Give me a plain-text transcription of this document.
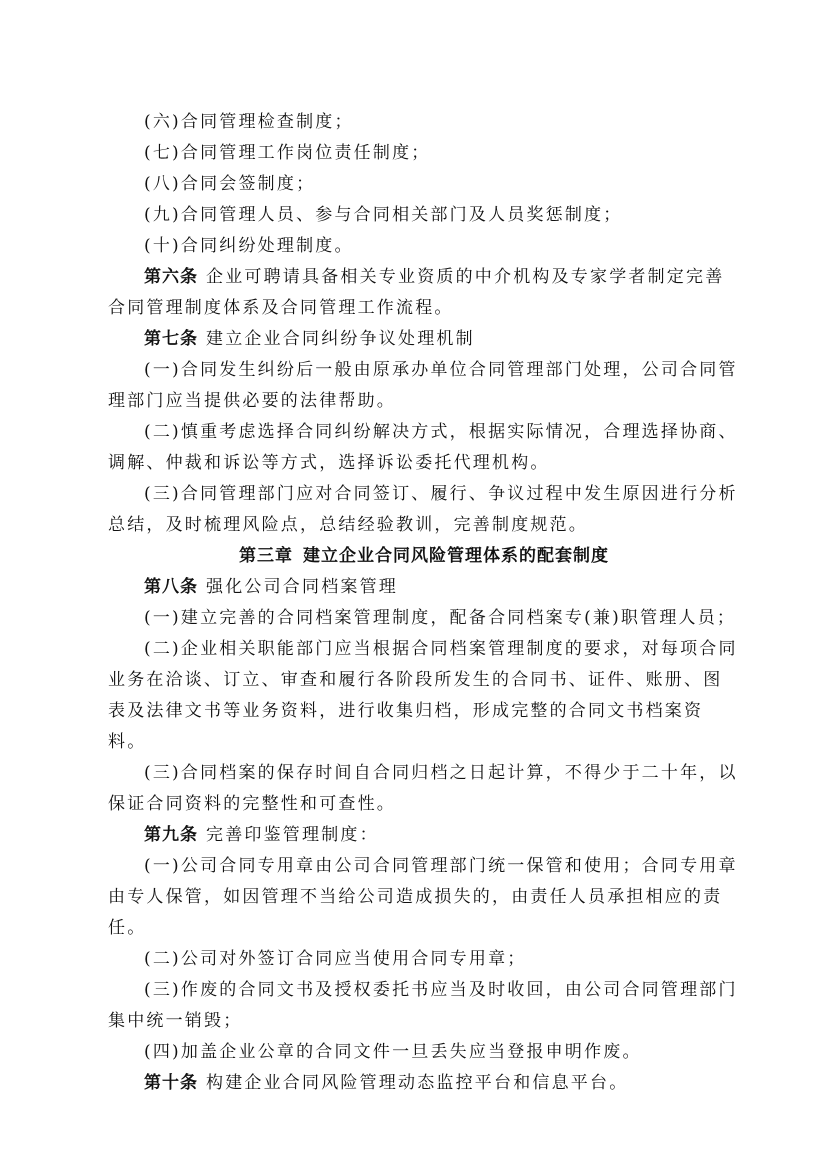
(六)合同管理检查制度；

(七)合同管理工作岗位责任制度；

(八)合同会签制度；

(九)合同管理人员、参与合同相关部门及人员奖惩制度；

(十)合同纠纷处理制度。

第六条 企业可聘请具备相关专业资质的中介机构及专家学者制定完善合同管理制度体系及合同管理工作流程。

第七条 建立企业合同纠纷争议处理机制

(一)合同发生纠纷后一般由原承办单位合同管理部门处理，公司合同管理部门应当提供必要的法律帮助。

(二)慎重考虑选择合同纠纷解决方式，根据实际情况，合理选择协商、调解、仲裁和诉讼等方式，选择诉讼委托代理机构。

(三)合同管理部门应对合同签订、履行、争议过程中发生原因进行分析总结，及时梳理风险点，总结经验教训，完善制度规范。

第三章 建立企业合同风险管理体系的配套制度

第八条 强化公司合同档案管理

(一)建立完善的合同档案管理制度，配备合同档案专(兼)职管理人员；

(二)企业相关职能部门应当根据合同档案管理制度的要求，对每项合同业务在洽谈、订立、审查和履行各阶段所发生的合同书、证件、账册、图表及法律文书等业务资料，进行收集归档，形成完整的合同文书档案资料。

(三)合同档案的保存时间自合同归档之日起计算，不得少于二十年，以保证合同资料的完整性和可查性。

第九条 完善印鉴管理制度：

(一)公司合同专用章由公司合同管理部门统一保管和使用；合同专用章由专人保管，如因管理不当给公司造成损失的，由责任人员承担相应的责任。

(二)公司对外签订合同应当使用合同专用章；

(三)作废的合同文书及授权委托书应当及时收回，由公司合同管理部门集中统一销毁；

(四)加盖企业公章的合同文件一旦丢失应当登报申明作废。

第十条 构建企业合同风险管理动态监控平台和信息平台。
